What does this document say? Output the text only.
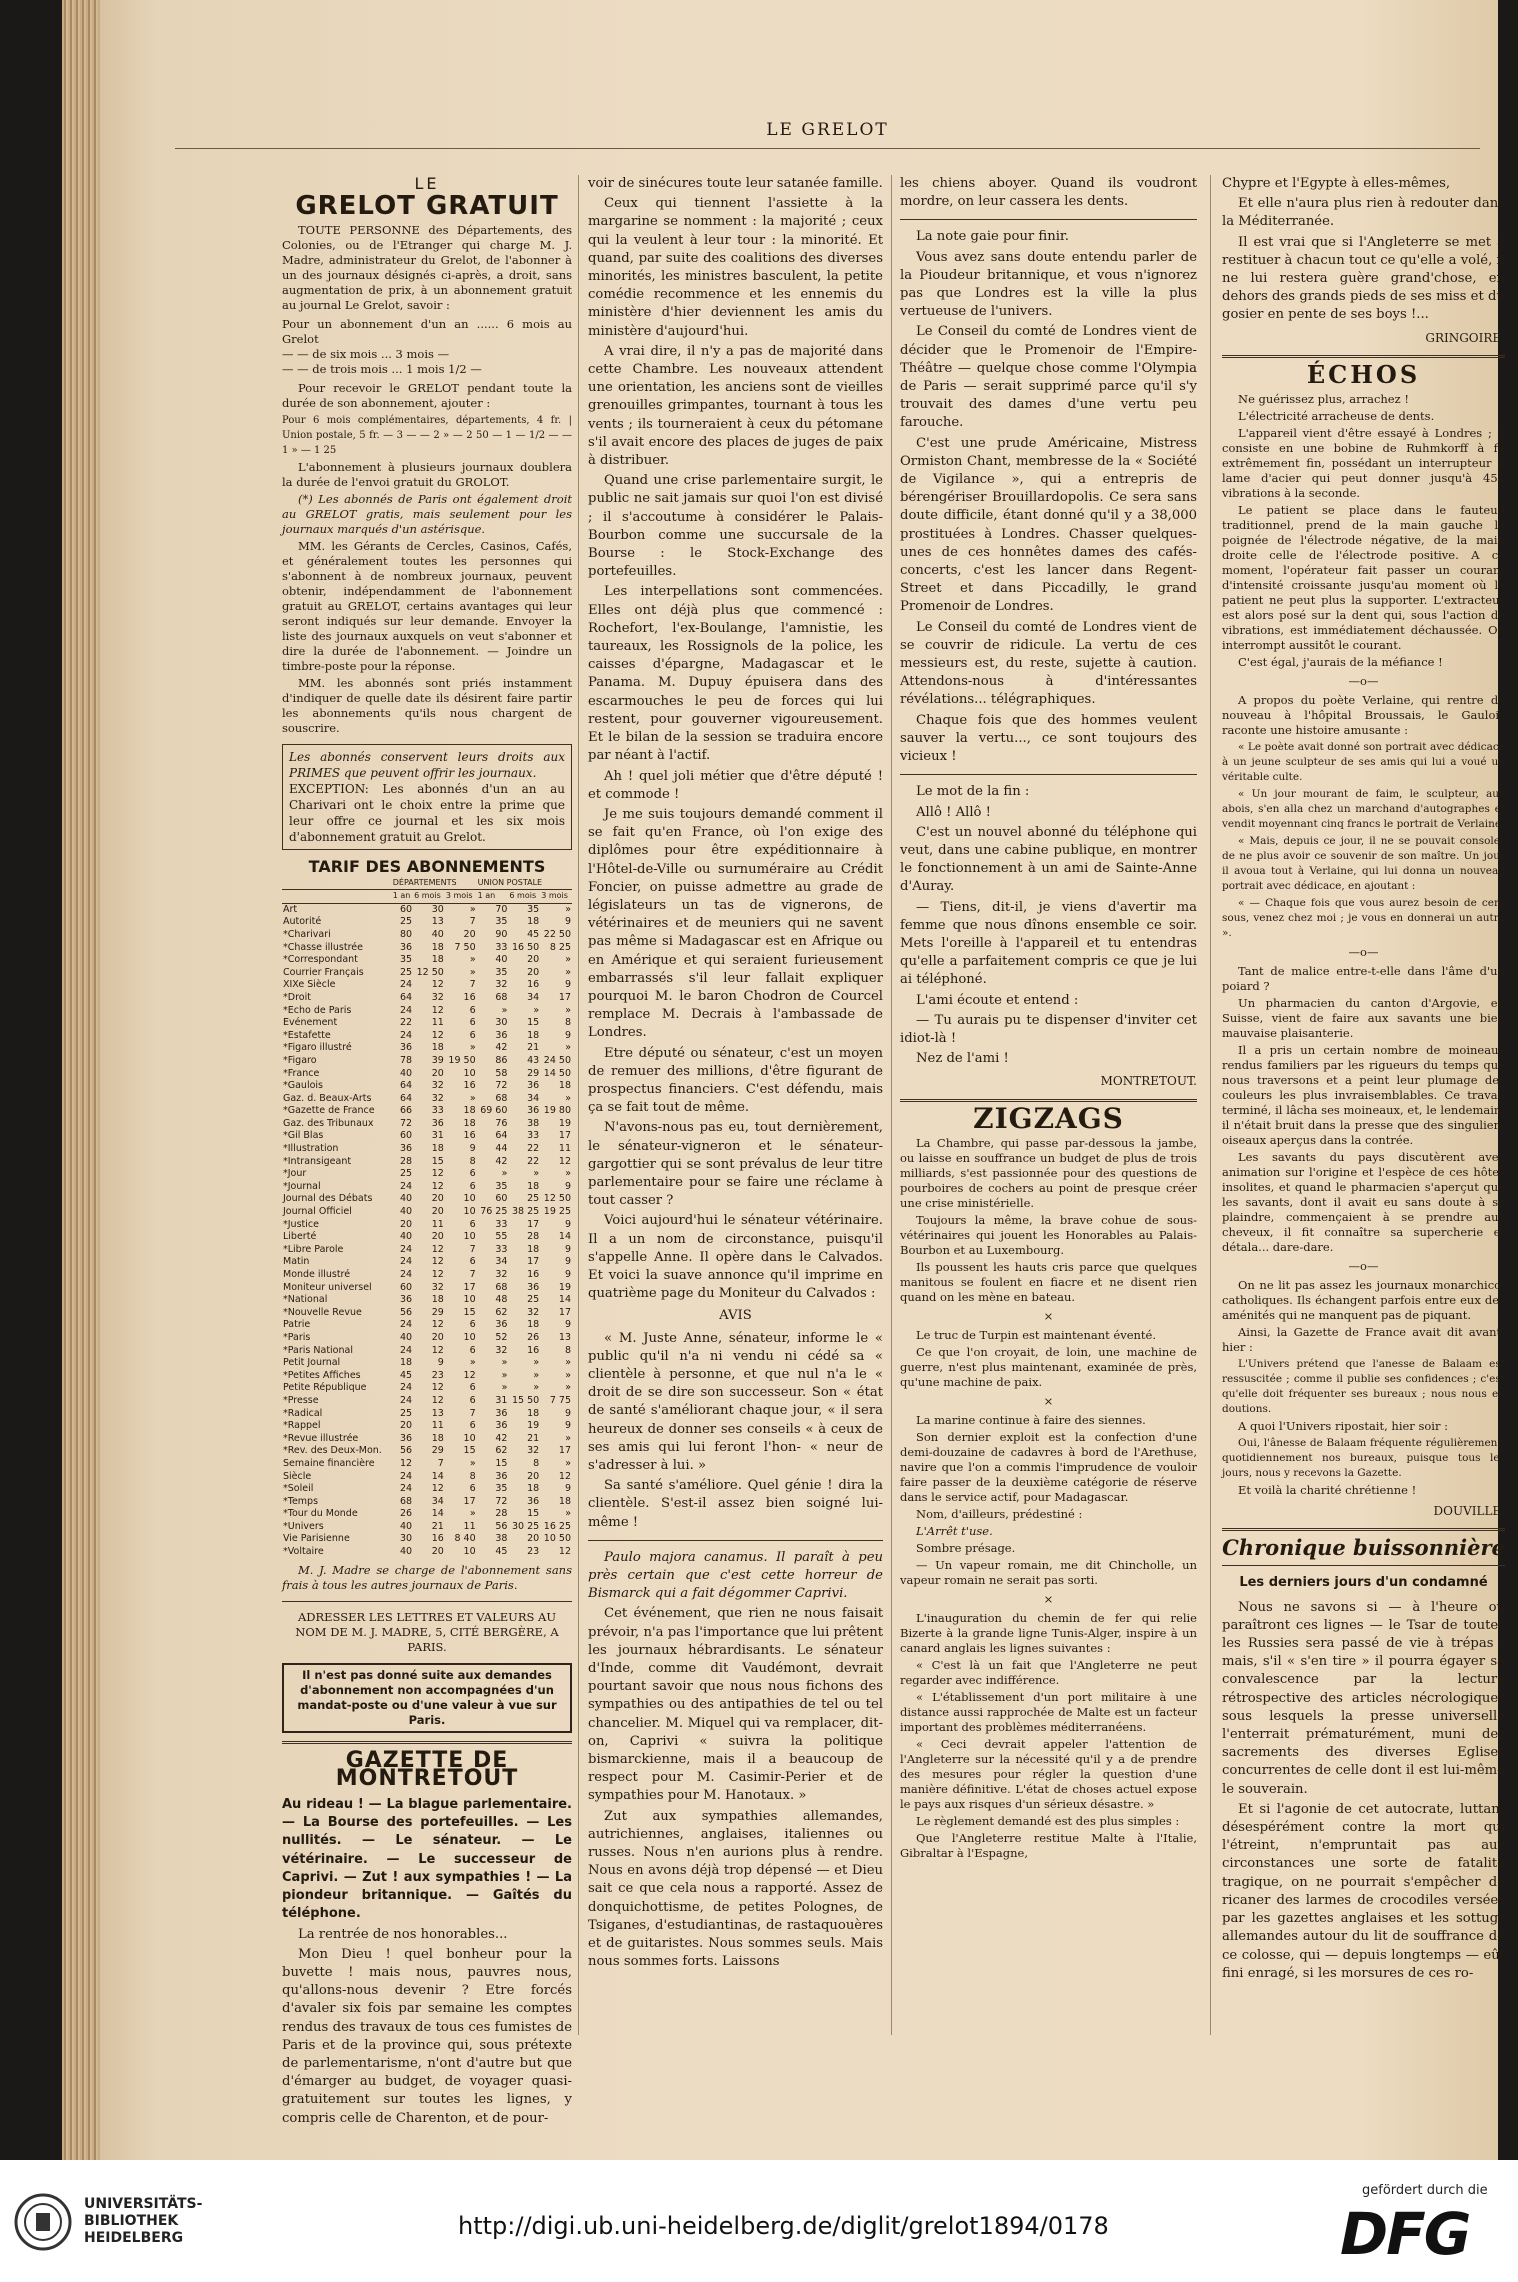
LE GRELOT
LE
GRELOT GRATUIT

TOUTE PERSONNE des Départements, des Colonies, ou de l'Etranger qui charge M. J. Madre, administrateur du Grelot, de l'abonner à un des journaux désignés ci-après, a droit, sans augmentation de prix, à un abonnement gratuit au journal Le Grelot, savoir :

Pour un abonnement d'un an ...... 6 mois au Grelot
— — de six mois ... 3 mois —
— — de trois mois ... 1 mois 1/2 —

Pour recevoir le GRELOT pendant toute la durée de son abonnement, ajouter :

Pour 6 mois complémentaires, départements, 4 fr. | Union postale, 5 fr. — 3 — — 2 » — 2 50 — 1 — 1/2 — — 1 » — 1 25

L'abonnement à plusieurs journaux doublera la durée de l'envoi gratuit du GROLOT.

(*) Les abonnés de Paris ont également droit au GRELOT gratis, mais seulement pour les journaux marqués d'un astérisque.

MM. les Gérants de Cercles, Casinos, Cafés, et généralement toutes les personnes qui s'abonnent à de nombreux journaux, peuvent obtenir, indépendamment de l'abonnement gratuit au GRELOT, certains avantages qui leur seront indiqués sur leur demande. Envoyer la liste des journaux auxquels on veut s'abonner et dire la durée de l'abonnement. — Joindre un timbre-poste pour la réponse.

MM. les abonnés sont priés instamment d'indiquer de quelle date ils désirent faire partir les abonnements qu'ils nous chargent de souscrire.

Les abonnés conservent leurs droits aux PRIMES que peuvent offrir les journaux.
EXCEPTION: Les abonnés d'un an au Charivari ont le choix entre la prime que leur offre ce journal et les six mois d'abonnement gratuit au Grelot.
TARIF DES ABONNEMENTS
	DÉPARTEMENTS			UNION POSTALE		
	1 an	6 mois	3 mois	1 an	6 mois	3 mois
Art	60	30	»	70	35	»
Autorité	25	13	7	35	18	9
*Charivari	80	40	20	90	45	22 50
*Chasse illustrée	36	18	7 50	33	16 50	8 25
*Correspondant	35	18	»	40	20	»
Courrier Français	25	12 50	»	35	20	»
XIXe Siècle	24	12	7	32	16	9
*Droit	64	32	16	68	34	17
*Echo de Paris	24	12	6	»	»	»
Evénement	22	11	6	30	15	8
*Estafette	24	12	6	36	18	9
*Figaro illustré	36	18	»	42	21	»
*Figaro	78	39	19 50	86	43	24 50
*France	40	20	10	58	29	14 50
*Gaulois	64	32	16	72	36	18
Gaz. d. Beaux-Arts	64	32	»	68	34	»
*Gazette de France	66	33	18	69 60	36	19 80
Gaz. des Tribunaux	72	36	18	76	38	19
*Gil Blas	60	31	16	64	33	17
*Illustration	36	18	9	44	22	11
*Intransigeant	28	15	8	42	22	12
*Jour	25	12	6	»	»	»
*Journal	24	12	6	35	18	9
Journal des Débats	40	20	10	60	25	12 50
Journal Officiel	40	20	10	76 25	38 25	19 25
*Justice	20	11	6	33	17	9
Liberté	40	20	10	55	28	14
*Libre Parole	24	12	7	33	18	9
Matin	24	12	6	34	17	9
Monde illustré	24	12	7	32	16	9
Moniteur universel	60	32	17	68	36	19
*National	36	18	10	48	25	14
*Nouvelle Revue	56	29	15	62	32	17
Patrie	24	12	6	36	18	9
*Paris	40	20	10	52	26	13
*Paris National	24	12	6	32	16	8
Petit Journal	18	9	»	»	»	»
*Petites Affiches	45	23	12	»	»	»
Petite République	24	12	6	»	»	»
*Presse	24	12	6	31	15 50	7 75
*Radical	25	13	7	36	18	9
*Rappel	20	11	6	36	19	9
*Revue illustrée	36	18	10	42	21	»
*Rev. des Deux-Mon.	56	29	15	62	32	17
Semaine financière	12	7	»	15	8	»
Siècle	24	14	8	36	20	12
*Soleil	24	12	6	35	18	9
*Temps	68	34	17	72	36	18
*Tour du Monde	26	14	»	28	15	»
*Univers	40	21	11	56	30 25	16 25
Vie Parisienne	30	16	8 40	38	20	10 50
*Voltaire	40	20	10	45	23	12

M. J. Madre se charge de l'abonnement sans frais à tous les autres journaux de Paris.

ADRESSER LES LETTRES ET VALEURS AU NOM DE M. J. MADRE, 5, CITÉ BERGÈRE, A PARIS.

Il n'est pas donné suite aux demandes d'abonnement non accompagnées d'un mandat-poste ou d'une valeur à vue sur Paris.
GAZETTE DE MONTRETOUT

Au rideau ! — La blague parlementaire. — La Bourse des portefeuilles. — Les nullités. — Le sénateur. — Le vétérinaire. — Le successeur de Caprivi. — Zut ! aux sympathies ! — La piondeur britannique. — Gaîtés du téléphone.

La rentrée de nos honorables...

Mon Dieu ! quel bonheur pour la buvette ! mais nous, pauvres nous, qu'allons-nous devenir ? Etre forcés d'avaler six fois par semaine les comptes rendus des travaux de tous ces fumistes de Paris et de la province qui, sous prétexte de parlementarisme, n'ont d'autre but que d'émarger au budget, de voyager quasi-gratuitement sur toutes les lignes, y compris celle de Charenton, et de pour-

voir de sinécures toute leur satanée famille.

Ceux qui tiennent l'assiette à la margarine se nomment : la majorité ; ceux qui la veulent à leur tour : la minorité. Et quand, par suite des coalitions des diverses minorités, les ministres basculent, la petite comédie recommence et les ennemis du ministère d'hier deviennent les amis du ministère d'aujourd'hui.

A vrai dire, il n'y a pas de majorité dans cette Chambre. Les nouveaux attendent une orientation, les anciens sont de vieilles grenouilles grimpantes, tournant à tous les vents ; ils tourneraient à ceux du pétomane s'il avait encore des places de juges de paix à distribuer.

Quand une crise parlementaire surgit, le public ne sait jamais sur quoi l'on est divisé ; il s'accoutume à considérer le Palais-Bourbon comme une succursale de la Bourse : le Stock-Exchange des portefeuilles.

Les interpellations sont commencées. Elles ont déjà plus que commencé : Rochefort, l'ex-Boulange, l'amnistie, les taureaux, les Rossignols de la police, les caisses d'épargne, Madagascar et le Panama. M. Dupuy épuisera dans des escarmouches le peu de forces qui lui restent, pour gouverner vigoureusement. Et le bilan de la session se traduira encore par néant à l'actif.

Ah ! quel joli métier que d'être député ! et commode !

Je me suis toujours demandé comment il se fait qu'en France, où l'on exige des diplômes pour être expéditionnaire à l'Hôtel-de-Ville ou surnuméraire au Crédit Foncier, on puisse admettre au grade de législateurs un tas de vignerons, de vétérinaires et de meuniers qui ne savent pas même si Madagascar est en Afrique ou en Amérique et qui seraient furieusement embarrassés s'il leur fallait expliquer pourquoi M. le baron Chodron de Courcel remplace M. Decrais à l'ambassade de Londres.

Etre député ou sénateur, c'est un moyen de remuer des millions, d'être figurant de prospectus financiers. C'est défendu, mais ça se fait tout de même.

N'avons-nous pas eu, tout dernièrement, le sénateur-vigneron et le sénateur-gargottier qui se sont prévalus de leur titre parlementaire pour se faire une réclame à tout casser ?

Voici aujourd'hui le sénateur vétérinaire. Il a un nom de circonstance, puisqu'il s'appelle Anne. Il opère dans le Calvados. Et voici la suave annonce qu'il imprime en quatrième page du Moniteur du Calvados :

AVIS

« M. Juste Anne, sénateur, informe le « public qu'il n'a ni vendu ni cédé sa « clientèle à personne, et que nul n'a le « droit de se dire son successeur. Son « état de santé s'améliorant chaque jour, « il sera heureux de donner ses conseils « à ceux de ses amis qui lui feront l'hon- « neur de s'adresser à lui. »

Sa santé s'améliore. Quel génie ! dira la clientèle. S'est-il assez bien soigné lui-même !

Paulo majora canamus. Il paraît à peu près certain que c'est cette horreur de Bismarck qui a fait dégommer Caprivi.

Cet événement, que rien ne nous faisait prévoir, n'a pas l'importance que lui prêtent les journaux hébrardisants. Le sénateur d'Inde, comme dit Vaudémont, devrait pourtant savoir que nous nous fichons des sympathies ou des antipathies de tel ou tel chancelier. M. Miquel qui va remplacer, dit-on, Caprivi « suivra la politique bismarckienne, mais il a beaucoup de respect pour M. Casimir-Perier et de sympathies pour M. Hanotaux. »

Zut aux sympathies allemandes, autrichiennes, anglaises, italiennes ou russes. Nous n'en aurions plus à rendre. Nous en avons déjà trop dépensé — et Dieu sait ce que cela nous a rapporté. Assez de donquichottisme, de petites Polognes, de Tsiganes, d'estudiantinas, de rastaquouères et de guitaristes. Nous sommes seuls. Mais nous sommes forts. Laissons

les chiens aboyer. Quand ils voudront mordre, on leur cassera les dents.

La note gaie pour finir.

Vous avez sans doute entendu parler de la Pioudeur britannique, et vous n'ignorez pas que Londres est la ville la plus vertueuse de l'univers.

Le Conseil du comté de Londres vient de décider que le Promenoir de l'Empire-Théâtre — quelque chose comme l'Olympia de Paris — serait supprimé parce qu'il s'y trouvait des dames d'une vertu peu farouche.

C'est une prude Américaine, Mistress Ormiston Chant, membresse de la « Société de Vigilance », qui a entrepris de bérengériser Brouillardopolis. Ce sera sans doute difficile, étant donné qu'il y a 38,000 prostituées à Londres. Chasser quelques-unes de ces honnêtes dames des cafés-concerts, c'est les lancer dans Regent-Street et dans Piccadilly, le grand Promenoir de Londres.

Le Conseil du comté de Londres vient de se couvrir de ridicule. La vertu de ces messieurs est, du reste, sujette à caution. Attendons-nous à d'intéressantes révélations... télégraphiques.

Chaque fois que des hommes veulent sauver la vertu..., ce sont toujours des vicieux !

Le mot de la fin :

Allô ! Allô !

C'est un nouvel abonné du téléphone qui veut, dans une cabine publique, en montrer le fonctionnement à un ami de Sainte-Anne d'Auray.

— Tiens, dit-il, je viens d'avertir ma femme que nous dînons ensemble ce soir. Mets l'oreille à l'appareil et tu entendras qu'elle a parfaitement compris ce que je lui ai téléphoné.

L'ami écoute et entend :

— Tu aurais pu te dispenser d'inviter cet idiot-là !

Nez de l'ami !

MONTRETOUT.
ZIGZAGS

La Chambre, qui passe par-dessous la jambe, ou laisse en souffrance un budget de plus de trois milliards, s'est passionnée pour des questions de pourboires de cochers au point de presque créer une crise ministérielle.

Toujours la même, la brave cohue de sous-vétérinaires qui jouent les Honorables au Palais-Bourbon et au Luxembourg.

Ils poussent les hauts cris parce que quelques manitous se foulent en fiacre et ne disent rien quand on les mène en bateau.

×

Le truc de Turpin est maintenant éventé.

Ce que l'on croyait, de loin, une machine de guerre, n'est plus maintenant, examinée de près, qu'une machine de paix.

×

La marine continue à faire des siennes.

Son dernier exploit est la confection d'une demi-douzaine de cadavres à bord de l'Arethuse, navire que l'on a commis l'imprudence de vouloir faire passer de la deuxième catégorie de réserve dans le service actif, pour Madagascar.

Nom, d'ailleurs, prédestiné :

L'Arrêt t'use.

Sombre présage.

— Un vapeur romain, me dit Chincholle, un vapeur romain ne serait pas sorti.

×

L'inauguration du chemin de fer qui relie Bizerte à la grande ligne Tunis-Alger, inspire à un canard anglais les lignes suivantes :

« C'est là un fait que l'Angleterre ne peut regarder avec indifférence.

« L'établissement d'un port militaire à une distance aussi rapprochée de Malte est un facteur important des problèmes méditerranéens.

« Ceci devrait appeler l'attention de l'Angleterre sur la nécessité qu'il y a de prendre des mesures pour régler la question d'une manière définitive. L'état de choses actuel expose le pays aux risques d'un sérieux désastre. »

Le règlement demandé est des plus simples :

Que l'Angleterre restitue Malte à l'Italie, Gibraltar à l'Espagne,

Chypre et l'Egypte à elles-mêmes,

Et elle n'aura plus rien à redouter dans la Méditerranée.

Il est vrai que si l'Angleterre se met à restituer à chacun tout ce qu'elle a volé, il ne lui restera guère grand'chose, en dehors des grands pieds de ses miss et du gosier en pente de ses boys !...

GRINGOIRE.
ÉCHOS

Ne guérissez plus, arrachez !

L'électricité arracheuse de dents.

L'appareil vient d'être essayé à Londres ; il consiste en une bobine de Ruhmkorff à fil extrêmement fin, possédant un interrupteur à lame d'acier qui peut donner jusqu'à 452 vibrations à la seconde.

Le patient se place dans le fauteuil traditionnel, prend de la main gauche la poignée de l'électrode négative, de la main droite celle de l'électrode positive. A ce moment, l'opérateur fait passer un courant d'intensité croissante jusqu'au moment où le patient ne peut plus la supporter. L'extracteur est alors posé sur la dent qui, sous l'action de vibrations, est immédiatement déchaussée. On interrompt aussitôt le courant.

C'est égal, j'aurais de la méfiance !

—o—

A propos du poète Verlaine, qui rentre de nouveau à l'hôpital Broussais, le Gaulois raconte une histoire amusante :

« Le poète avait donné son portrait avec dédicace à un jeune sculpteur de ses amis qui lui a voué un véritable culte.

« Un jour mourant de faim, le sculpteur, aux abois, s'en alla chez un marchand d'autographes et vendit moyennant cinq francs le portrait de Verlaine.

« Mais, depuis ce jour, il ne se pouvait consoler de ne plus avoir ce souvenir de son maître. Un jour il avoua tout à Verlaine, qui lui donna un nouveau portrait avec dédicace, en ajoutant :

« — Chaque fois que vous aurez besoin de cent sous, venez chez moi ; je vous en donnerai un autre ».

—o—

Tant de malice entre-t-elle dans l'âme d'un poiard ?

Un pharmacien du canton d'Argovie, en Suisse, vient de faire aux savants une bien mauvaise plaisanterie.

Il a pris un certain nombre de moineaux rendus familiers par les rigueurs du temps que nous traversons et a peint leur plumage des couleurs les plus invraisemblables. Ce travail terminé, il lâcha ses moineaux, et, le lendemain, il n'était bruit dans la presse que des singuliers oiseaux aperçus dans la contrée.

Les savants du pays discutèrent avec animation sur l'origine et l'espèce de ces hôtes insolites, et quand le pharmacien s'aperçut que les savants, dont il avait eu sans doute à se plaindre, commençaient à se prendre aux cheveux, il fit connaître sa supercherie et détala... dare-dare.

—o—

On ne lit pas assez les journaux monarchico-catholiques. Ils échangent parfois entre eux des aménités qui ne manquent pas de piquant.

Ainsi, la Gazette de France avait dit avant-hier :

L'Univers prétend que l'anesse de Balaam est ressuscitée ; comme il publie ses confidences ; c'est qu'elle doit fréquenter ses bureaux ; nous nous en doutions.

A quoi l'Univers ripostait, hier soir :

Oui, l'ânesse de Balaam fréquente régulièrement, quotidiennement nos bureaux, puisque tous les jours, nous y recevons la Gazette.

Et voilà la charité chrétienne !

DOUVILLE.
Chronique buissonnière
Les derniers jours d'un condamné

Nous ne savons si — à l'heure où paraîtront ces lignes — le Tsar de toutes les Russies sera passé de vie à trépas ; mais, s'il « s'en tire » il pourra égayer sa convalescence par la lecture rétrospective des articles nécrologiques sous lesquels la presse universelle l'enterrait prématurément, muni des sacrements des diverses Eglises concurrentes de celle dont il est lui-même le souverain.

Et si l'agonie de cet autocrate, luttant désespérément contre la mort qui l'étreint, n'empruntait pas aux circonstances une sorte de fatalité tragique, on ne pourrait s'empêcher de ricaner des larmes de crocodiles versées par les gazettes anglaises et les sottugs allemandes autour du lit de souffrance de ce colosse, qui — depuis longtemps — eût fini enragé, si les morsures de ces ro-

UNIVERSITÄTS-
BIBLIOTHEK
HEIDELBERG	http://digi.ub.uni-heidelberg.de/diglit/grelot1894/0178
gefördert durch die
DFG
